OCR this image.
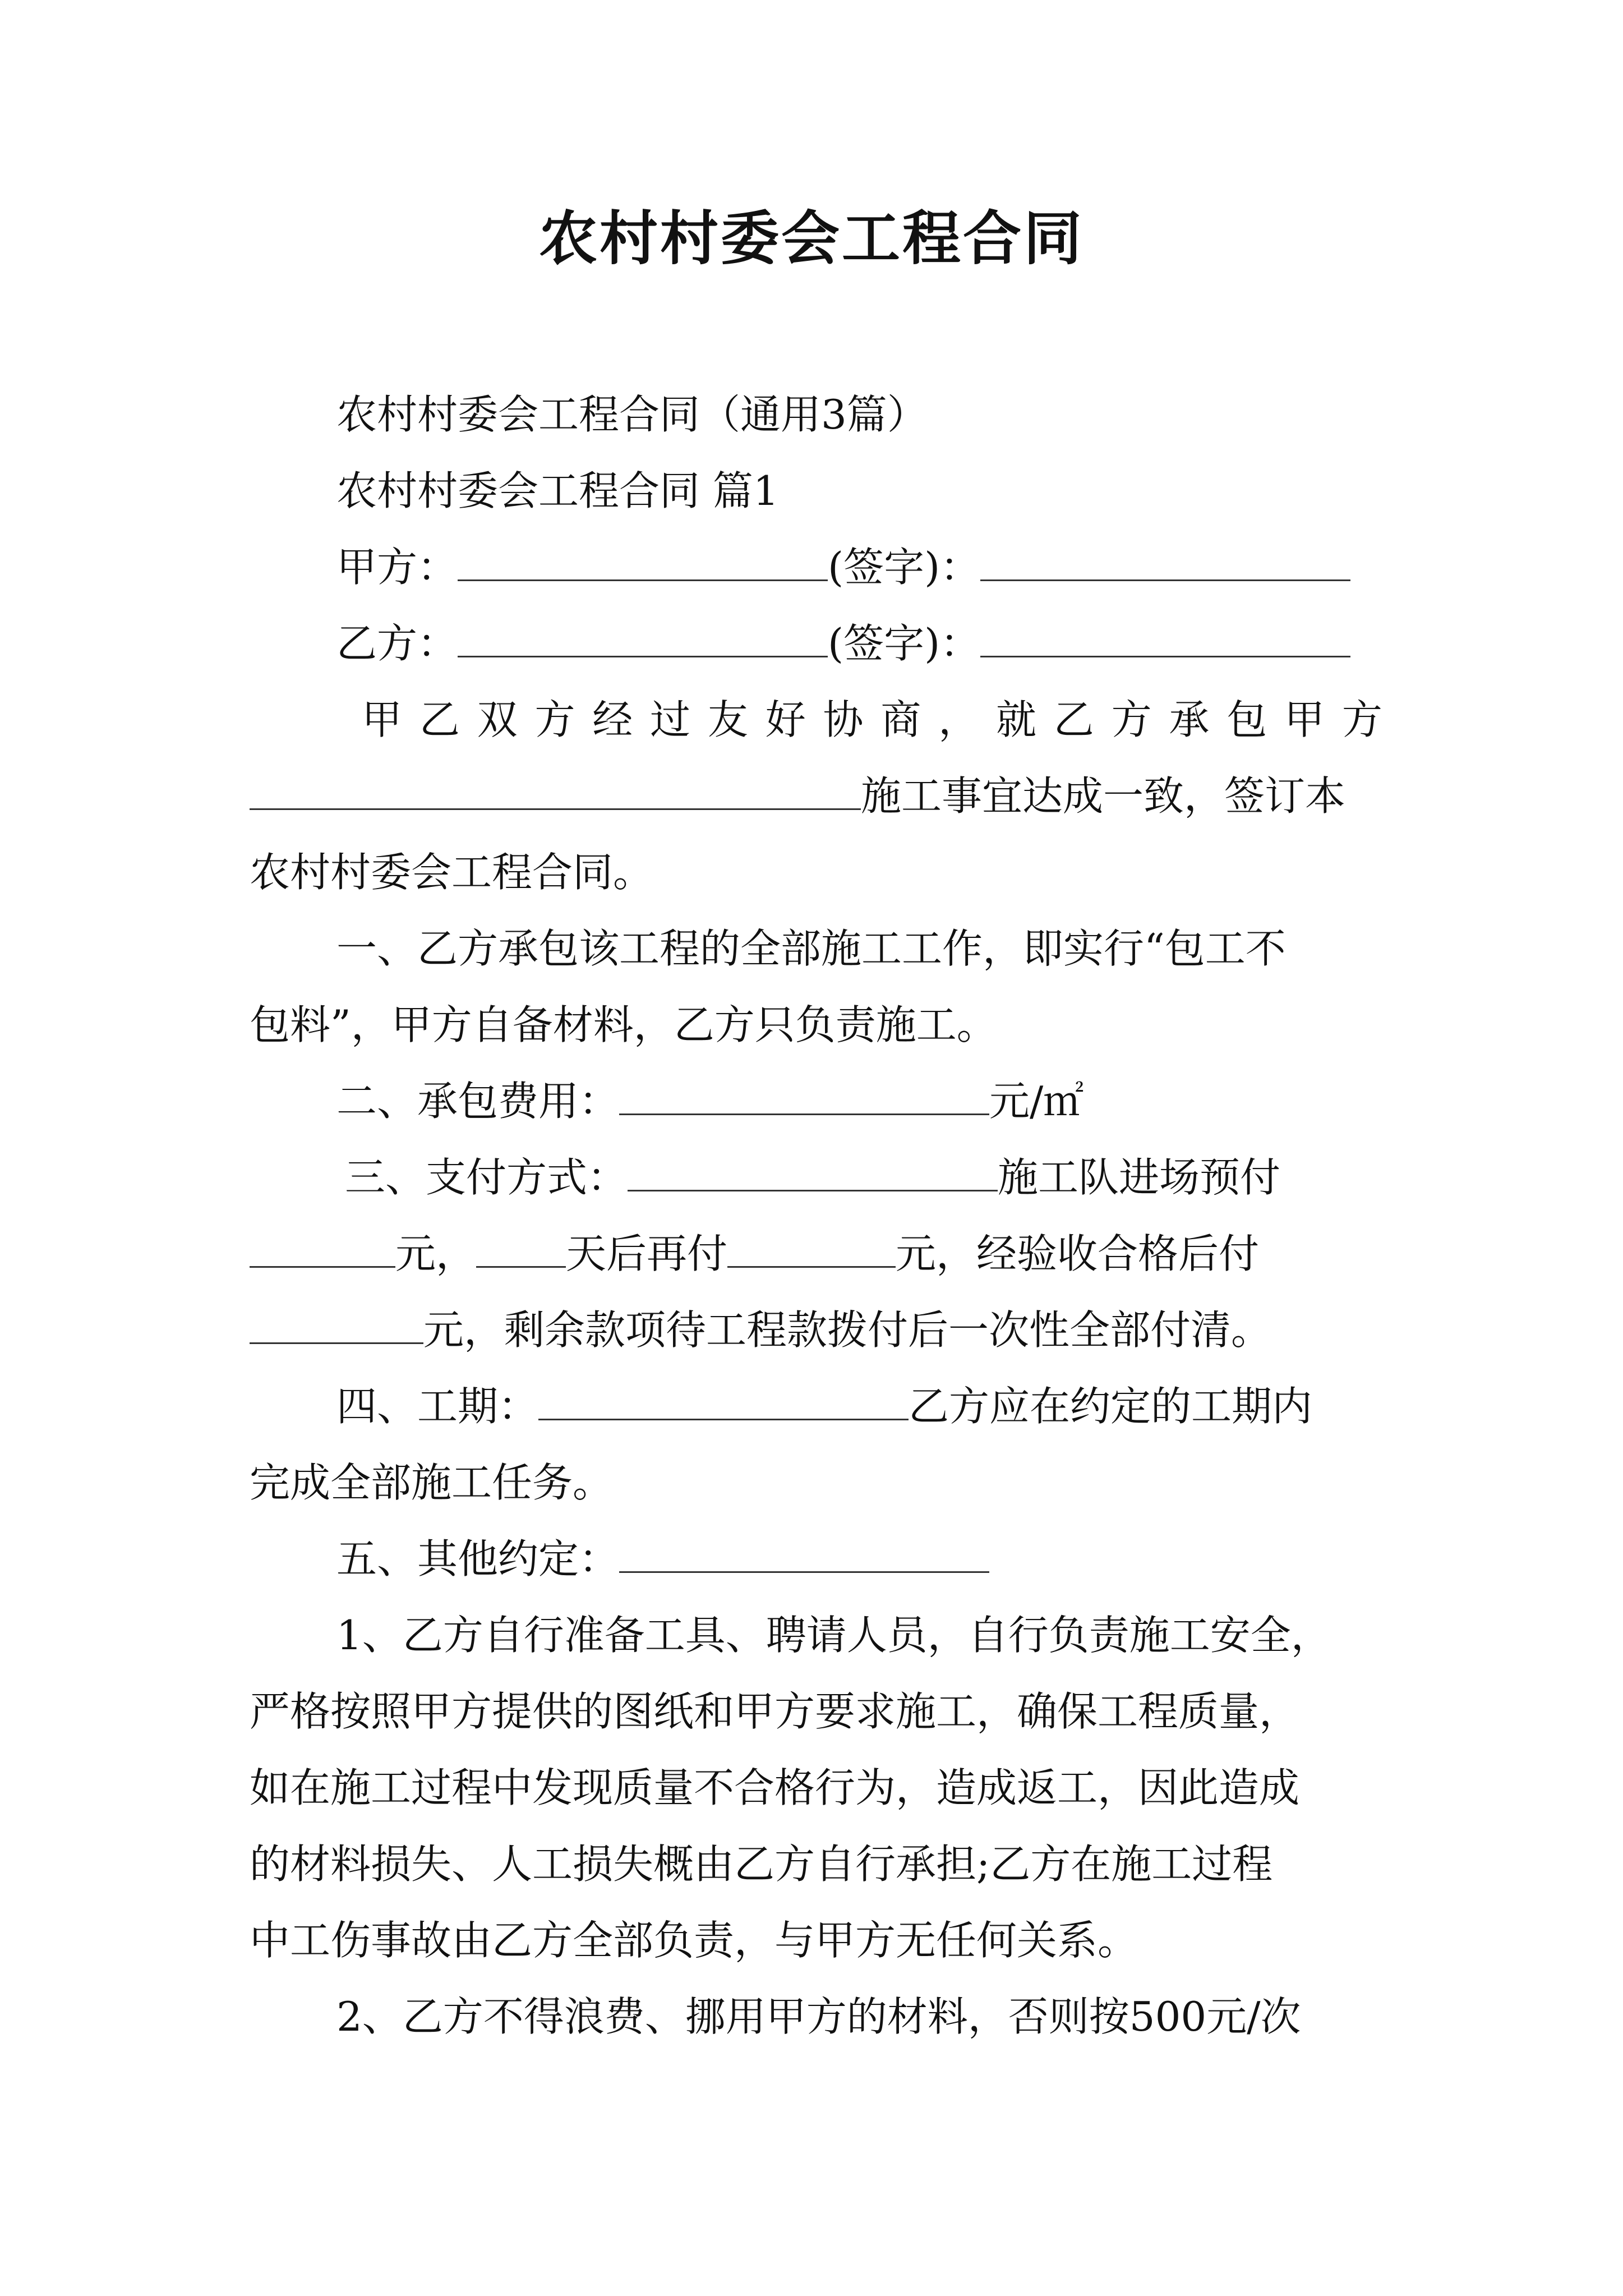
农村村委会工程合同
农村村委会工程合同（通用3篇）
农村村委会工程合同 篇1
甲方：	(签字)：
乙方：	(签字)：
甲 乙 双 方 经 过 友 好 协 商 ， 就 乙 方 承 包 甲 方
施工事宜达成一致，签订本
农村村委会工程合同。
一、乙方承包该工程的全部施工工作，即实行“包工不
包料”，甲方自备材料，乙方只负责施工。
二、承包费用：	元/㎡
三、支付方式：	施工队进场预付
元， 天后再付	元，经验收合格后付
元，剩余款项待工程款拨付后一次性全部付清。
四、工期：	乙方应在约定的工期内
完成全部施工任务。
五、其他约定：
1、乙方自行准备工具、聘请人员，自行负责施工安全，
严格按照甲方提供的图纸和甲方要求施工，确保工程质量，
如在施工过程中发现质量不合格行为，造成返工，因此造成
的材料损失、人工损失概由乙方自行承担;乙方在施工过程
中工伤事故由乙方全部负责，与甲方无任何关系。
2、乙方不得浪费、挪用甲方的材料，否则按500元/次
